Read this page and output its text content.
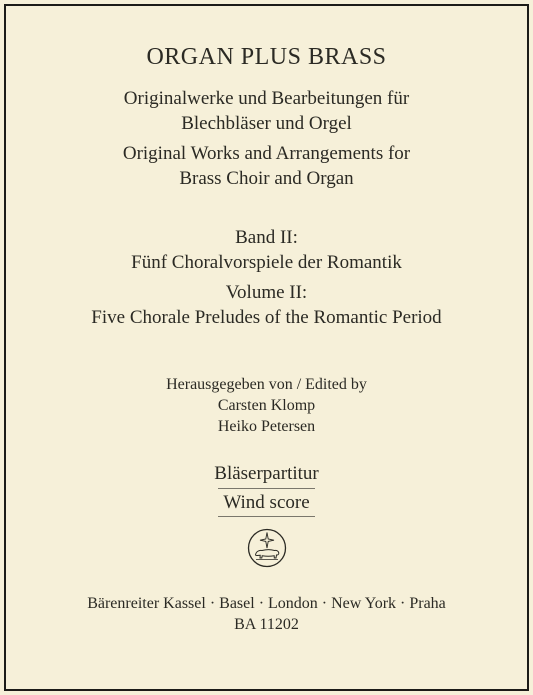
ORGAN PLUS BRASS
Originalwerke und Bearbeitungen für
Blechbläser und Orgel
Original Works and Arrangements for
Brass Choir and Organ
Band II:
Fünf Choralvorspiele der Romantik
Volume II:
Five Chorale Preludes of the Romantic Period
Herausgegeben von / Edited by
Carsten Klomp
Heiko Petersen
Bläserpartitur
Wind score
Bärenreiter Kassel · Basel · London · New York · Praha
BA 11202
